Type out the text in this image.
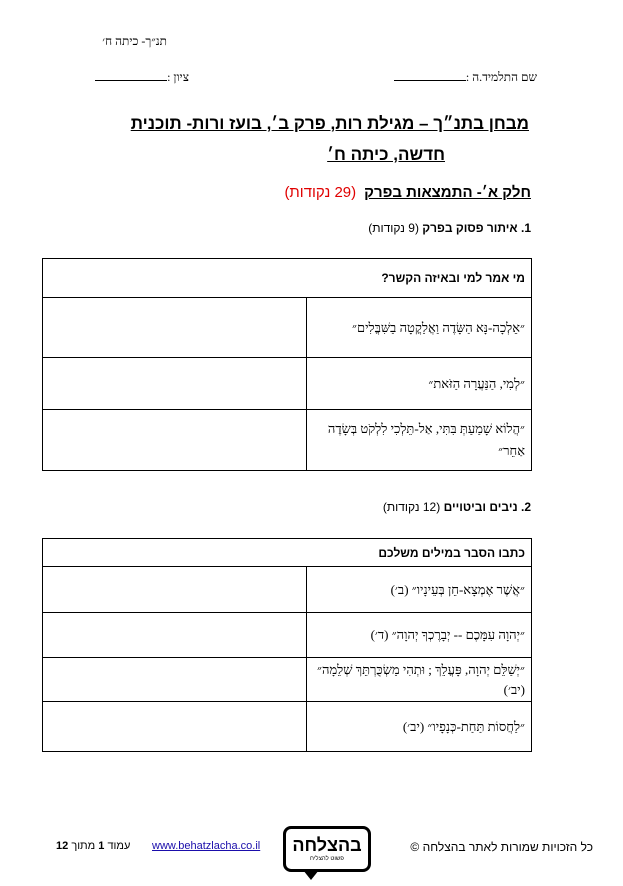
תנ״ך- כיתה ח׳
שם התלמיד.ה :
ציון :
מבחן בתנ״ך – מגילת רות, פרק ב׳, בועז ורות- תוכנית
חדשה, כיתה ח׳
חלק א׳- התמצאות בפרק(29 נקודות)
1. איתור פסוק בפרק (9 נקודות)
מי אמר למי ובאיזה הקשר?	
״אֵלְכָה-נָּא הַשָּׂדֶה וַאֲלַקֳטָה בַשִּׁבֳּלִים״	
״לְמִי, הַנַּעֲרָה הַזֹּאת״	
״הֲלוֹא שָׁמַעַתְּ בִּתִּי, אַל-תֵּלְכִי לִלְקֹט בְּשָׂדֶה אַחֵר״	
2. ניבים וביטויים (12 נקודות)
כתבו הסבר במילים משלכם	
״אֲשֶׁר אֶמְצָא-חֵן בְּעֵינָיו״ (ב׳)	
״יְהוָה עִמָּכֶם -- יְבָרֶכְךָ יְהוָה״ (ד׳)	
״יְשַׁלֵּם יְהוָה, פָּעֳלֵךְ ; וּתְהִי מַשְׂכֻּרְתֵּךְ שְׁלֵמָה״ (יב׳)	
״לַחֲסוֹת תַּחַת-כְּנָפָיו״ (יב׳)	
כל הזכויות שמורות לאתר בהצלחה ©
בהצלחה
פשוט להצליח
www.behatzlacha.co.il
עמוד 1 מתוך 12
